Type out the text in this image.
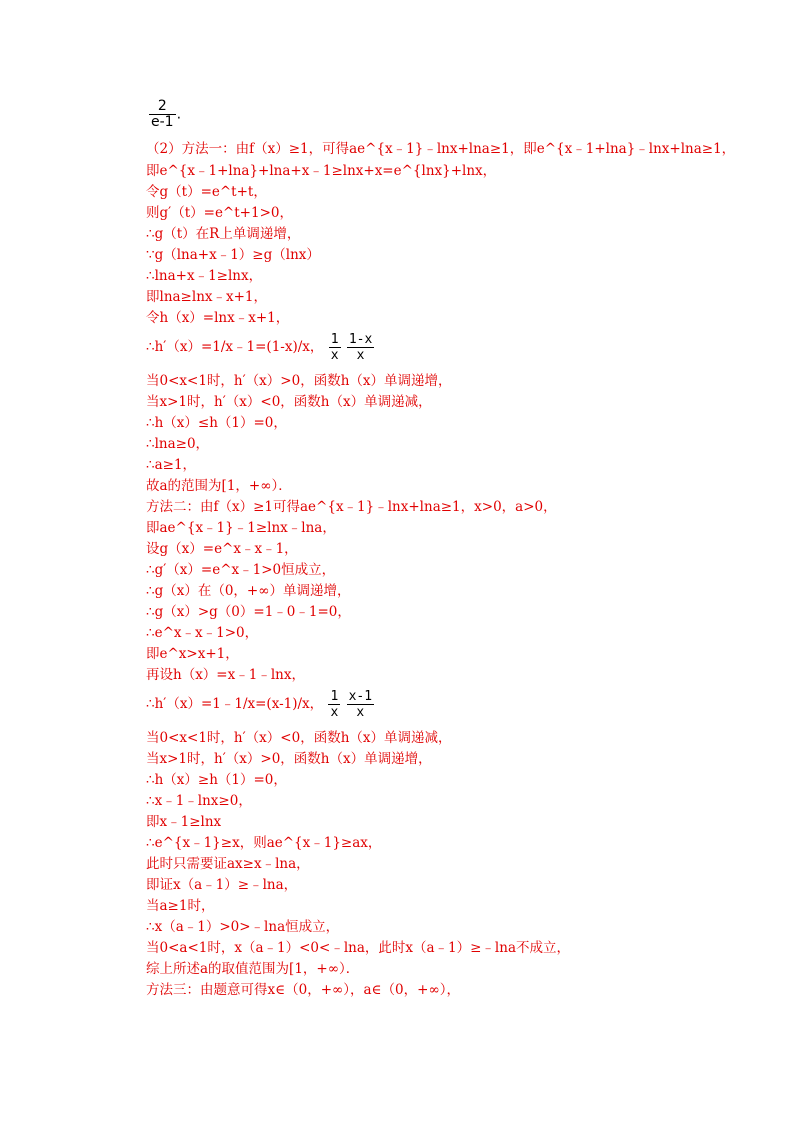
$\frac{2}{e-1}$ .
（2）方法一：由f（x）≥1，可得ae^{x﹣1}﹣lnx+lna≥1，即e^{x﹣1+lna}﹣lnx+lna≥1，
即e^{x﹣1+lna}+lna+x﹣1≥lnx+x=e^{lnx}+lnx，
令g（t）=e^t+t，
则g′（t）=e^t+1>0，
∴g（t）在R上单调递增，
∵g（lna+x﹣1）≥g（lnx）
∴lna+x﹣1≥lnx，
即lna≥lnx﹣x+1，
令h（x）=lnx﹣x+1，
∴h′（x）=1/x﹣1=(1-x)/x， $\frac{1}{x}$
$\frac{1-x}{x}$
当0<x<1时，h′（x）>0，函数h（x）单调递增，
当x>1时，h′（x）<0，函数h（x）单调递减，
∴h（x）≤h（1）=0，
∴lna≥0，
∴a≥1，
故a的范围为[1，+∞）．
方法二：由f（x）≥1可得ae^{x﹣1}﹣lnx+lna≥1，x>0，a>0，
即ae^{x﹣1}﹣1≥lnx﹣lna，
设g（x）=e^x﹣x﹣1，
∴g′（x）=e^x﹣1>0恒成立，
∴g（x）在（0，+∞）单调递增，
∴g（x）>g（0）=1﹣0﹣1=0，
∴e^x﹣x﹣1>0，
即e^x>x+1，
再设h（x）=x﹣1﹣lnx，
∴h′（x）=1﹣1/x=(x-1)/x， $\frac{1}{x}$
$\frac{x-1}{x}$
当0<x<1时，h′（x）<0，函数h（x）单调递减，
当x>1时，h′（x）>0，函数h（x）单调递增，
∴h（x）≥h（1）=0，
∴x﹣1﹣lnx≥0，
即x﹣1≥lnx
∴e^{x﹣1}≥x，则ae^{x﹣1}≥ax，
此时只需要证ax≥x﹣lna，
即证x（a﹣1）≥﹣lna，
当a≥1时，
∴x（a﹣1）>0>﹣lna恒成立，
当0<a<1时，x（a﹣1）<0<﹣lna，此时x（a﹣1）≥﹣lna不成立，
综上所述a的取值范围为[1，+∞）．
方法三：由题意可得x∈（0，+∞），a∈（0，+∞），
